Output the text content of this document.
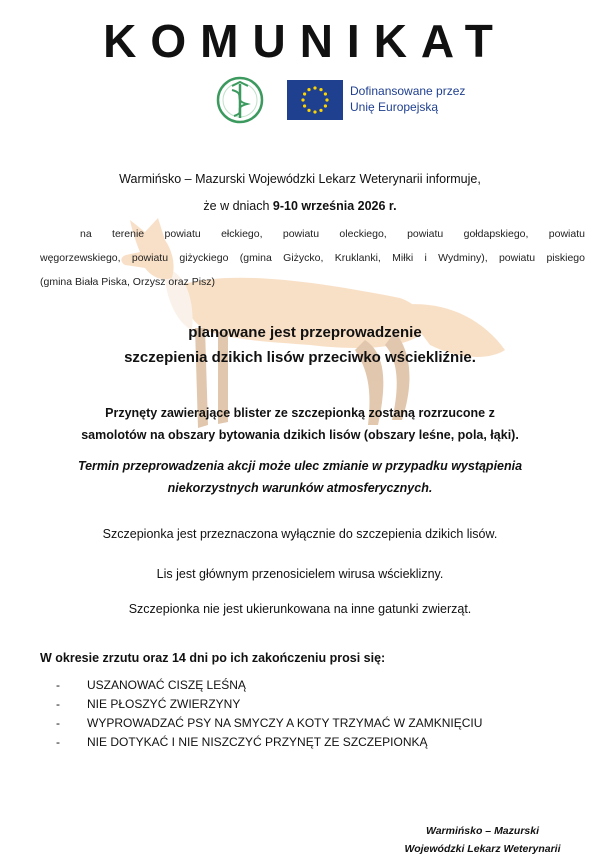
KOMUNIKAT
Dofinansowane przez
Unię Europejską
Warmińsko – Mazurski Wojewódzki Lekarz Weterynarii informuje,
że w dniach 9-10 września 2026 r.
na terenie powiatu ełckiego, powiatu oleckiego, powiatu gołdapskiego, powiatu
węgorzewskiego, powiatu giżyckiego (gmina Giżycko, Kruklanki, Miłki i Wydminy), powiatu piskiego
(gmina Biała Piska, Orzysz oraz Pisz)
planowane jest przeprowadzenie
szczepienia dzikich lisów przeciwko wściekliźnie.
Przynęty zawierające blister ze szczepionką zostaną rozrzucone z
samolotów na obszary bytowania dzikich lisów (obszary leśne, pola, łąki).
Termin przeprowadzenia akcji może ulec zmianie w przypadku wystąpienia
niekorzystnych warunków atmosferycznych.
Szczepionka jest przeznaczona wyłącznie do szczepienia dzikich lisów.
Lis jest głównym przenosicielem wirusa wścieklizny.
Szczepionka nie jest ukierunkowana na inne gatunki zwierząt.
W okresie zrzutu oraz 14 dni po ich zakończeniu prosi się:
-	USZANOWAĆ CISZĘ LEŚNĄ
-	NIE PŁOSZYĆ ZWIERZYNY
-	WYPROWADZAĆ PSY NA SMYCZY A KOTY TRZYMAĆ W ZAMKNIĘCIU
-	NIE DOTYKAĆ I NIE NISZCZYĆ PRZYNĘT ZE SZCZEPIONKĄ
Warmińsko – Mazurski
Wojewódzki Lekarz Weterynarii
